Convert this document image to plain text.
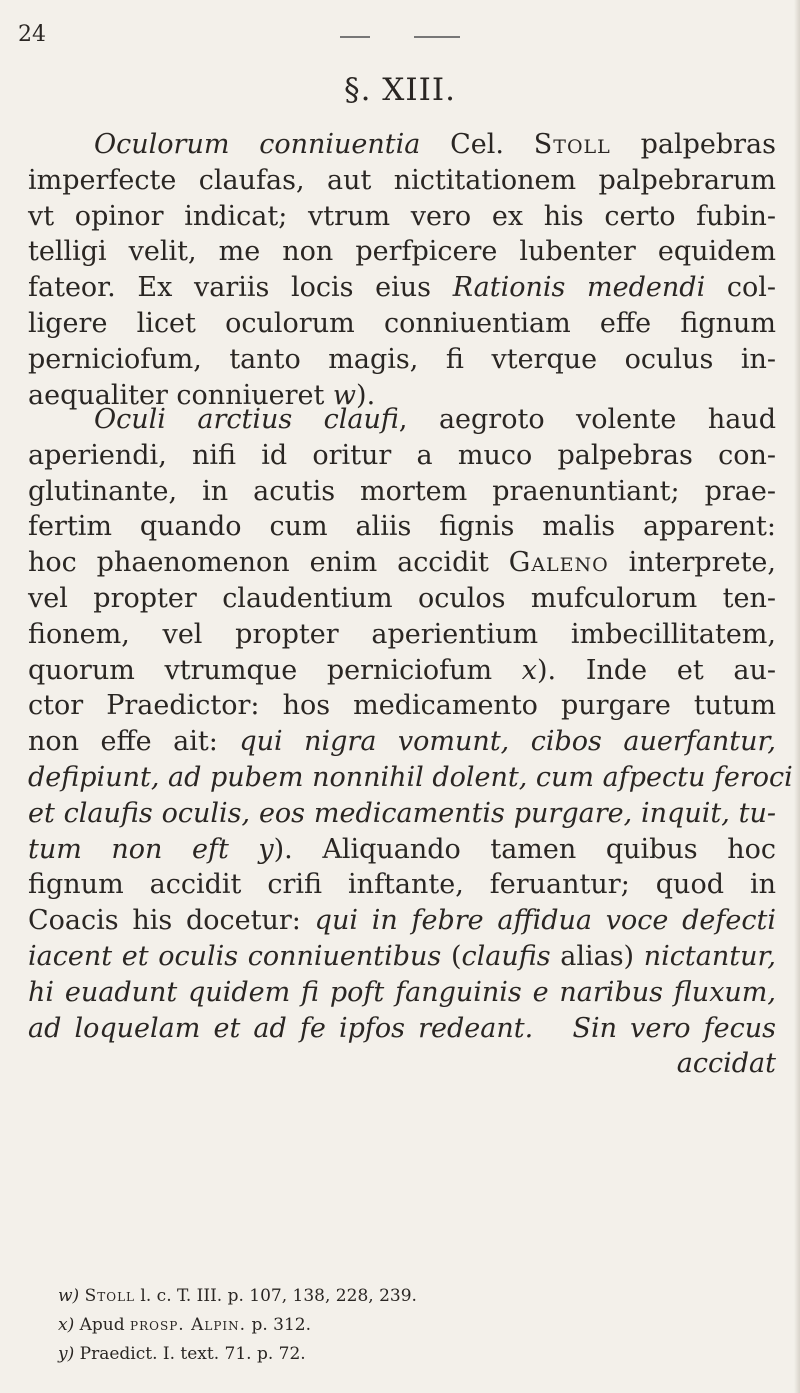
24
§. XIII.
Oculorum conniuentia Cel. Stoll palpebras
imperfecte claufas, aut nictitationem palpebrarum
vt opinor indicat; vtrum vero ex his certo fubin-
telligi velit, me non perfpicere lubenter equidem
fateor. Ex variis locis eius Rationis medendi col-
ligere licet oculorum conniuentiam effe fignum
perniciofum, tanto magis, fi vterque oculus in-
aequaliter conniueret w).
Oculi arctius claufi, aegroto volente haud
aperiendi, nifi id oritur a muco palpebras con-
glutinante, in acutis mortem praenuntiant; prae-
fertim quando cum aliis fignis malis apparent:
hoc phaenomenon enim accidit Galeno interprete,
vel propter claudentium oculos mufculorum ten-
fionem, vel propter aperientium imbecillitatem,
quorum vtrumque perniciofum x). Inde et au-
ctor Praedictor: hos medicamento purgare tutum
non effe ait: qui nigra vomunt, cibos auerfantur,
defipiunt, ad pubem nonnihil dolent, cum afpectu feroci
et claufis oculis, eos medicamentis purgare, inquit, tu-
tum non eft y). Aliquando tamen quibus hoc
fignum accidit crifi inftante, feruantur; quod in
Coacis his docetur: qui in febre affidua voce defecti
iacent et oculis conniuentibus (claufis alias) nictantur,
hi euadunt quidem fi poft fanguinis e naribus fluxum,
ad loquelam et ad fe ipfos redeant. Sin vero fecus
accidat
w) Stoll l. c. T. III. p. 107, 138, 228, 239.
x) Apud prosp. Alpin. p. 312.
y) Praedict. I. text. 71. p. 72.
